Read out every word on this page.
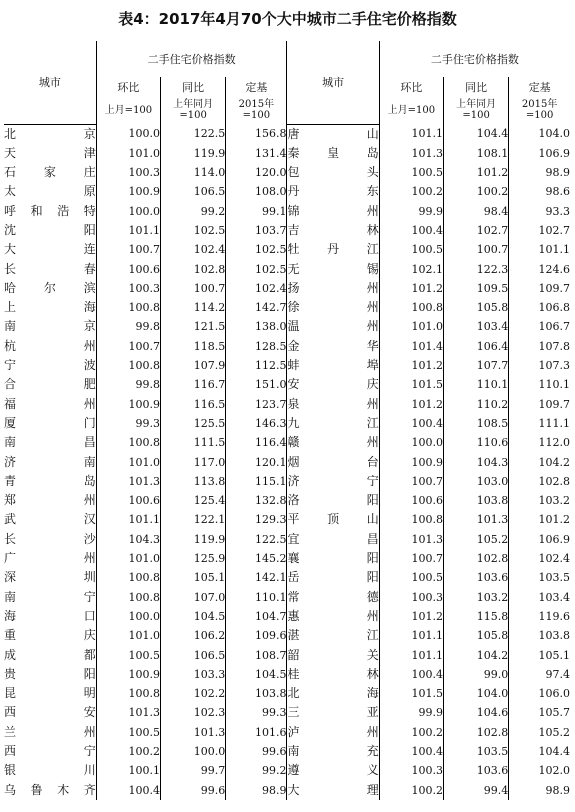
表4：2017年4月70个大中城市二手住宅价格指数
城市	二手住宅价格指数			城市	二手住宅价格指数		
	环比	同比	定基		环比	同比	定基
	上月=100	上年同月=100	2015年=100		上月=100	上年同月=100	2015年=100
北　京	100.0	122.5	156.8	唐　山	101.1	104.4	104.0
天　津	101.0	119.9	131.4	秦皇岛	101.3	108.1	106.9
石家庄	100.3	114.0	120.0	包　头	100.5	101.2	98.9
太　原	100.9	106.5	108.0	丹　东	100.2	100.2	98.6
呼和浩特	100.0	99.2	99.1	锦　州	99.9	98.4	93.3
沈　阳	101.1	102.5	103.7	吉　林	100.4	102.7	102.7
大　连	100.7	102.4	102.5	牡丹江	100.5	100.7	101.1
长　春	100.6	102.8	102.5	无　锡	102.1	122.3	124.6
哈尔滨	100.3	100.7	102.4	扬　州	101.2	109.5	109.7
上　海	100.8	114.2	142.7	徐　州	100.8	105.8	106.8
南　京	99.8	121.5	138.0	温　州	101.0	103.4	106.7
杭　州	100.7	118.5	128.5	金　华	101.4	106.4	107.8
宁　波	100.8	107.9	112.5	蚌　埠	101.2	107.7	107.3
合　肥	99.8	116.7	151.0	安　庆	101.5	110.1	110.1
福　州	100.9	116.5	123.7	泉　州	101.2	110.2	109.7
厦　门	99.3	125.5	146.3	九　江	100.4	108.5	111.1
南　昌	100.8	111.5	116.4	赣　州	100.0	110.6	112.0
济　南	101.0	117.0	120.1	烟　台	100.9	104.3	104.2
青　岛	101.3	113.8	115.1	济　宁	100.7	103.0	102.8
郑　州	100.6	125.4	132.8	洛　阳	100.6	103.8	103.2
武　汉	101.1	122.1	129.3	平顶山	100.8	101.3	101.2
长　沙	104.3	119.9	122.5	宜　昌	101.3	105.2	106.9
广　州	101.0	125.9	145.2	襄　阳	100.7	102.8	102.4
深　圳	100.8	105.1	142.1	岳　阳	100.5	103.6	103.5
南　宁	100.8	107.0	110.1	常　德	100.3	103.2	103.4
海　口	100.0	104.5	104.7	惠　州	101.2	115.8	119.6
重　庆	101.0	106.2	109.6	湛　江	101.1	105.8	103.8
成　都	100.5	106.5	108.7	韶　关	101.1	104.2	105.1
贵　阳	100.9	103.3	104.5	桂　林	100.4	99.0	97.4
昆　明	100.8	102.2	103.8	北　海	101.5	104.0	106.0
西　安	101.3	102.3	99.3	三　亚	99.9	104.6	105.7
兰　州	100.5	101.3	101.6	泸　州	100.2	102.8	105.2
西　宁	100.2	100.0	99.6	南　充	100.4	103.5	104.4
银　川	100.1	99.7	99.2	遵　义	100.3	103.6	102.0
乌鲁木齐	100.4	99.6	98.9	大　理	100.2	99.4	98.9
